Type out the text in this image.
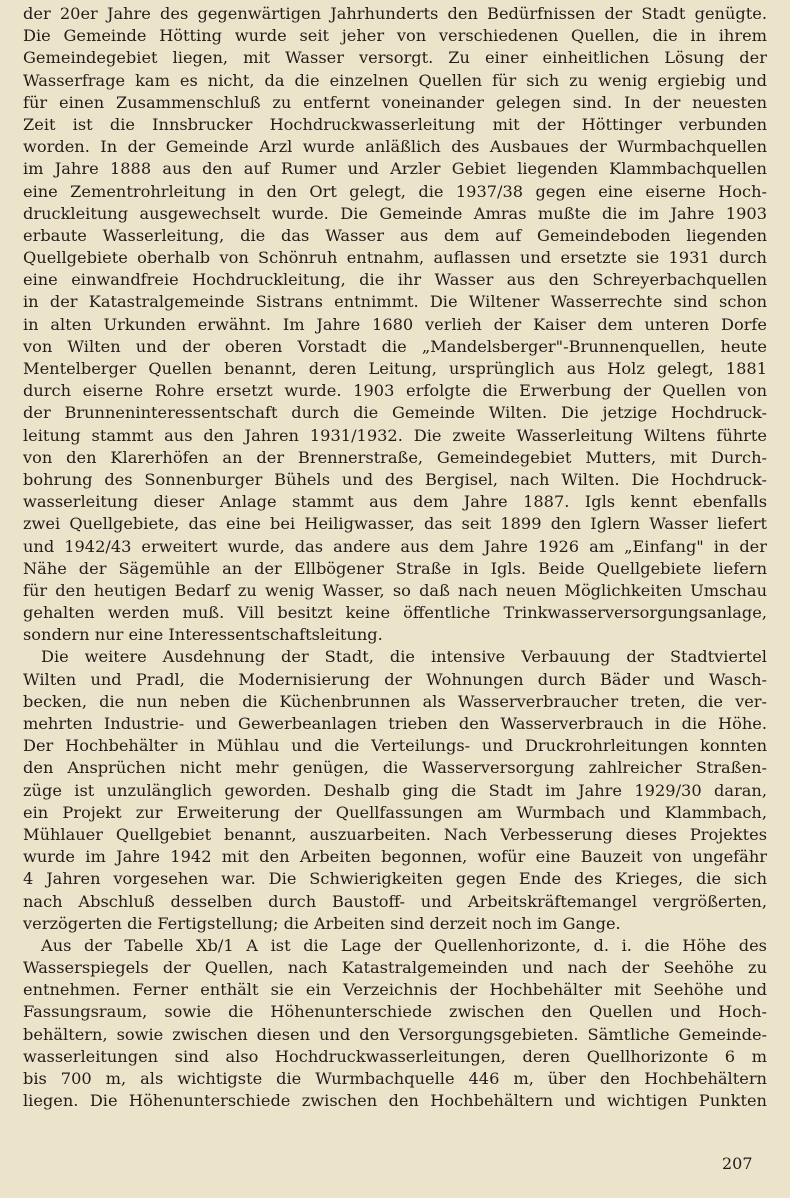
der 20er Jahre des gegenwärtigen Jahrhunderts den Bedürfnissen der Stadt genügte.
Die Gemeinde Hötting wurde seit jeher von verschiedenen Quellen, die in ihrem
Gemeindegebiet liegen, mit Wasser versorgt. Zu einer einheitlichen Lösung der
Wasserfrage kam es nicht, da die einzelnen Quellen für sich zu wenig ergiebig und
für einen Zusammenschluß zu entfernt voneinander gelegen sind. In der neuesten
Zeit ist die Innsbrucker Hochdruckwasserleitung mit der Höttinger verbunden
worden. In der Gemeinde Arzl wurde anläßlich des Ausbaues der Wurmbachquellen
im Jahre 1888 aus den auf Rumer und Arzler Gebiet liegenden Klammbachquellen
eine Zementrohrleitung in den Ort gelegt, die 1937/38 gegen eine eiserne Hoch-
druckleitung ausgewechselt wurde. Die Gemeinde Amras mußte die im Jahre 1903
erbaute Wasserleitung, die das Wasser aus dem auf Gemeindeboden liegenden
Quellgebiete oberhalb von Schönruh entnahm, auflassen und ersetzte sie 1931 durch
eine einwandfreie Hochdruckleitung, die ihr Wasser aus den Schreyerbachquellen
in der Katastralgemeinde Sistrans entnimmt. Die Wiltener Wasserrechte sind schon
in alten Urkunden erwähnt. Im Jahre 1680 verlieh der Kaiser dem unteren Dorfe
von Wilten und der oberen Vorstadt die „Mandelsberger"-Brunnenquellen, heute
Mentelberger Quellen benannt, deren Leitung, ursprünglich aus Holz gelegt, 1881
durch eiserne Rohre ersetzt wurde. 1903 erfolgte die Erwerbung der Quellen von
der Brunneninteressentschaft durch die Gemeinde Wilten. Die jetzige Hochdruck-
leitung stammt aus den Jahren 1931/1932. Die zweite Wasserleitung Wiltens führte
von den Klarerhöfen an der Brennerstraße, Gemeindegebiet Mutters, mit Durch-
bohrung des Sonnenburger Bühels und des Bergisel, nach Wilten. Die Hochdruck-
wasserleitung dieser Anlage stammt aus dem Jahre 1887. Igls kennt ebenfalls
zwei Quellgebiete, das eine bei Heiligwasser, das seit 1899 den Iglern Wasser liefert
und 1942/43 erweitert wurde, das andere aus dem Jahre 1926 am „Einfang" in der
Nähe der Sägemühle an der Ellbögener Straße in Igls. Beide Quellgebiete liefern
für den heutigen Bedarf zu wenig Wasser, so daß nach neuen Möglichkeiten Umschau
gehalten werden muß. Vill besitzt keine öffentliche Trinkwasserversorgungsanlage,
sondern nur eine Interessentschaftsleitung.
Die weitere Ausdehnung der Stadt, die intensive Verbauung der Stadtviertel
Wilten und Pradl, die Modernisierung der Wohnungen durch Bäder und Wasch-
becken, die nun neben die Küchenbrunnen als Wasserverbraucher treten, die ver-
mehrten Industrie- und Gewerbeanlagen trieben den Wasserverbrauch in die Höhe.
Der Hochbehälter in Mühlau und die Verteilungs- und Druckrohrleitungen konnten
den Ansprüchen nicht mehr genügen, die Wasserversorgung zahlreicher Straßen-
züge ist unzulänglich geworden. Deshalb ging die Stadt im Jahre 1929/30 daran,
ein Projekt zur Erweiterung der Quellfassungen am Wurmbach und Klammbach,
Mühlauer Quellgebiet benannt, auszuarbeiten. Nach Verbesserung dieses Projektes
wurde im Jahre 1942 mit den Arbeiten begonnen, wofür eine Bauzeit von ungefähr
4 Jahren vorgesehen war. Die Schwierigkeiten gegen Ende des Krieges, die sich
nach Abschluß desselben durch Baustoff- und Arbeitskräftemangel vergrößerten,
verzögerten die Fertigstellung; die Arbeiten sind derzeit noch im Gange.
Aus der Tabelle Xb/1 A ist die Lage der Quellenhorizonte, d. i. die Höhe des
Wasserspiegels der Quellen, nach Katastralgemeinden und nach der Seehöhe zu
entnehmen. Ferner enthält sie ein Verzeichnis der Hochbehälter mit Seehöhe und
Fassungsraum, sowie die Höhenunterschiede zwischen den Quellen und Hoch-
behältern, sowie zwischen diesen und den Versorgungsgebieten. Sämtliche Gemeinde-
wasserleitungen sind also Hochdruckwasserleitungen, deren Quellhorizonte 6 m
bis 700 m, als wichtigste die Wurmbachquelle 446 m, über den Hochbehältern
liegen. Die Höhenunterschiede zwischen den Hochbehältern und wichtigen Punkten
207
